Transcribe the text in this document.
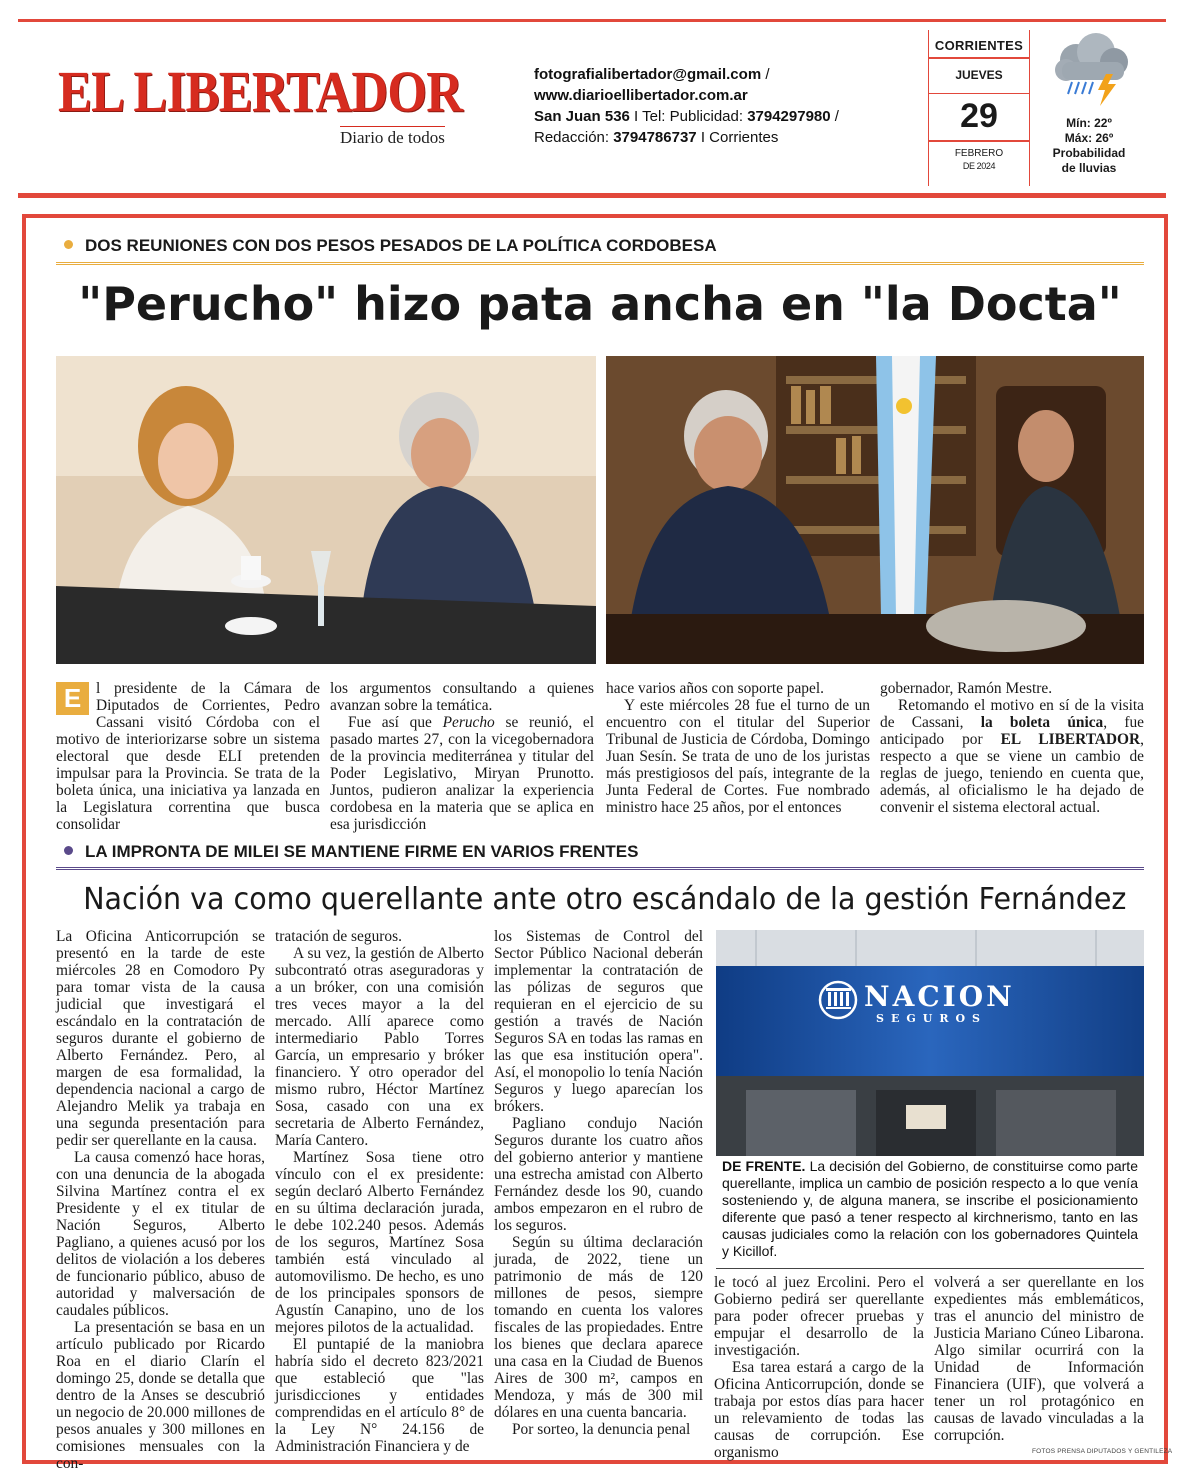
EL LIBERTADOR
Diario de todos
fotografialibertador@gmail.com /
www.diarioellibertador.com.ar
San Juan 536 I Tel: Publicidad: 3794297980 /
Redacción: 3794786737 I Corrientes
CORRIENTES
JUEVES
29
FEBRERO
DE 2024
Mín: 22º
Máx: 26º
Probabilidad
de lluvias
DOS REUNIONES CON DOS PESOS PESADOS DE LA POLÍTICA CORDOBESA
"Perucho" hizo pata ancha en "la Docta"

E l presidente de la Cámara de Diputados de Corrientes, Pedro Cassani visitó Córdoba con el motivo de interiorizarse sobre un sistema electoral que desde ELI pretenden impulsar para la Provincia. Se trata de la boleta única, una iniciativa ya lanzada en la Legislatura correntina que busca consolidar

los argumentos consultando a quienes avanzan sobre la temática.

Fue así que Perucho se reunió, el pasado martes 27, con la vicegobernadora de la provincia mediterránea y titular del Poder Legislativo, Miryan Prunotto. Juntos, pudieron analizar la experiencia cordobesa en la materia que se aplica en esa jurisdicción

hace varios años con soporte papel.

Y este miércoles 28 fue el turno de un encuentro con el titular del Superior Tribunal de Justicia de Córdoba, Domingo Juan Sesín. Se trata de uno de los juristas más prestigiosos del país, integrante de la Junta Federal de Cortes. Fue nombrado ministro hace 25 años, por el entonces

gobernador, Ramón Mestre.

Retomando el motivo en sí de la visita de Cassani, la boleta única, fue anticipado por EL LIBERTADOR, respecto a que se viene un cambio de reglas de juego, teniendo en cuenta que, además, al oficialismo le ha dejado de convenir el sistema electoral actual.

LA IMPRONTA DE MILEI SE MANTIENE FIRME EN VARIOS FRENTES
Nación va como querellante ante otro escándalo de la gestión Fernández

La Oficina Anticorrupción se presentó en la tarde de este miércoles 28 en Comodoro Py para tomar vista de la causa judicial que investigará el escándalo en la contratación de seguros durante el gobierno de Alberto Fernández. Pero, al margen de esa formalidad, la dependencia nacional a cargo de Alejandro Melik ya trabaja en una segunda presentación para pedir ser querellante en la causa.

La causa comenzó hace horas, con una denuncia de la abogada Silvina Martínez contra el ex Presidente y el ex titular de Nación Seguros, Alberto Pagliano, a quienes acusó por los delitos de violación a los deberes de funcionario público, abuso de autoridad y malversación de caudales públicos.

La presentación se basa en un artículo publicado por Ricardo Roa en el diario Clarín el domingo 25, donde se detalla que dentro de la Anses se descubrió un negocio de 20.000 millones de pesos anuales y 300 millones en comisiones mensuales con la con-

tratación de seguros.

A su vez, la gestión de Alberto subcontrató otras aseguradoras y a un bróker, con una comisión tres veces mayor a la del mercado. Allí aparece como intermediario Pablo Torres García, un empresario y bróker financiero. Y otro operador del mismo rubro, Héctor Martínez Sosa, casado con una ex secretaria de Alberto Fernández, María Cantero.

Martínez Sosa tiene otro vínculo con el ex presidente: según declaró Alberto Fernández en su última declaración jurada, le debe 102.240 pesos. Además de los seguros, Martínez Sosa también está vinculado al automovilismo. De hecho, es uno de los principales sponsors de Agustín Canapino, uno de los mejores pilotos de la actualidad.

El puntapié de la maniobra habría sido el decreto 823/2021 que estableció que "las jurisdicciones y entidades comprendidas en el artículo 8° de la Ley N° 24.156 de Administración Financiera y de

los Sistemas de Control del Sector Público Nacional deberán implementar la contratación de las pólizas de seguros que requieran en el ejercicio de su gestión a través de Nación Seguros SA en todas las ramas en las que esa institución opera". Así, el monopolio lo tenía Nación Seguros y luego aparecían los brókers.

Pagliano condujo Nación Seguros durante los cuatro años del gobierno anterior y mantiene una estrecha amistad con Alberto Fernández desde los 90, cuando ambos empezaron en el rubro de los seguros.

Según su última declaración jurada, de 2022, tiene un patrimonio de más de 120 millones de pesos, siempre tomando en cuenta los valores fiscales de las propiedades. Entre los bienes que declara aparece una casa en la Ciudad de Buenos Aires de 300 m², campos en Mendoza, y más de 300 mil dólares en una cuenta bancaria.

Por sorteo, la denuncia penal

le tocó al juez Ercolini. Pero el Gobierno pedirá ser querellante para poder ofrecer pruebas y empujar el desarrollo de la investigación.

Esa tarea estará a cargo de la Oficina Anticorrupción, donde se trabaja por estos días para hacer un relevamiento de todas las causas de corrupción. Ese organismo

volverá a ser querellante en los expedientes más emblemáticos, tras el anuncio del ministro de Justicia Mariano Cúneo Libarona. Algo similar ocurrirá con la Unidad de Información Financiera (UIF), que volverá a tener un rol protagónico en causas de lavado vinculadas a la corrupción.

NACION
SEGUROS
DE FRENTE. La decisión del Gobierno, de constituirse como parte querellante, implica un cambio de posición respecto a lo que venía sosteniendo y, de alguna manera, se inscribe el posicionamiento diferente que pasó a tener respecto al kirchnerismo, tanto en las causas judiciales como la relación con los gobernadores Quintela y Kicillof.
FOTOS PRENSA DIPUTADOS Y GENTILEZA
